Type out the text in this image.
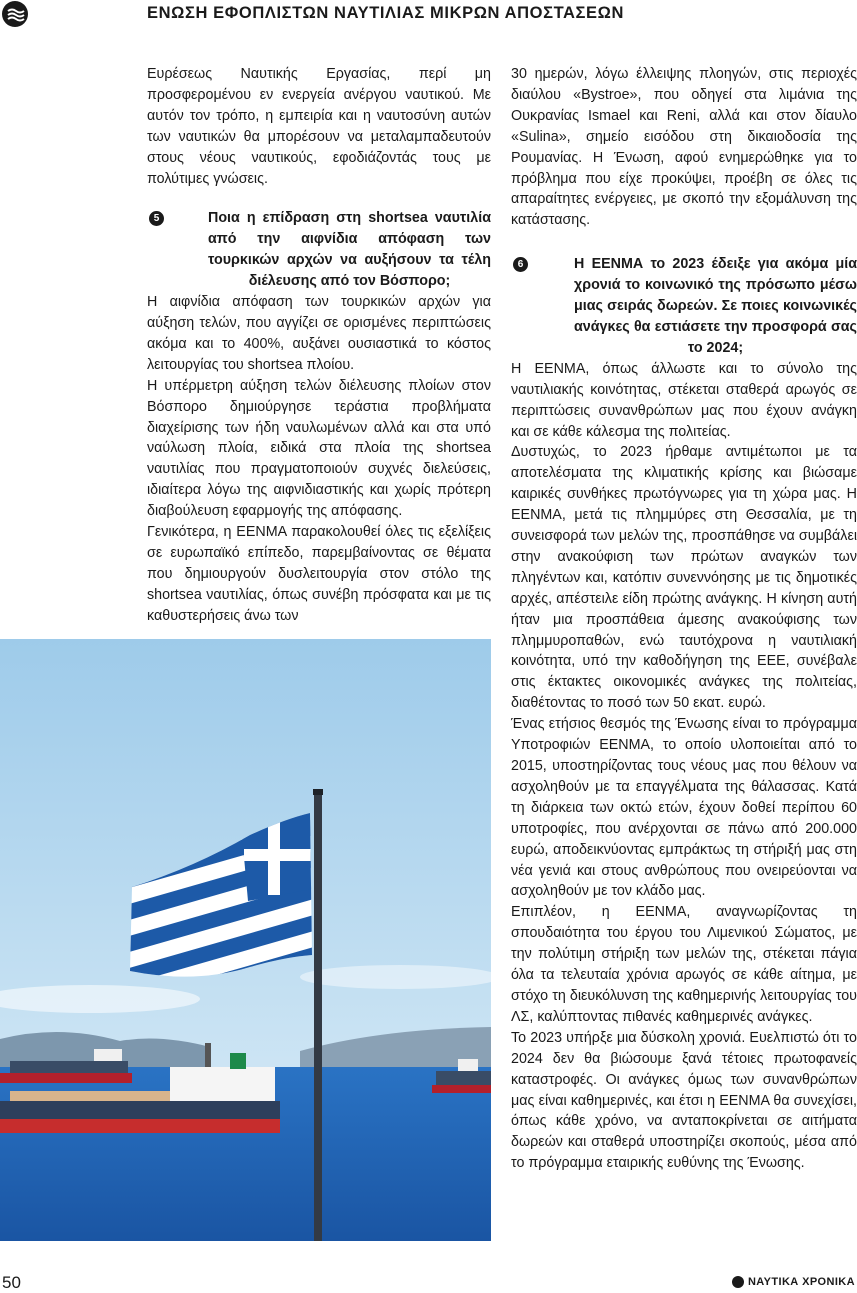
ΕΝΩΣΗ ΕΦΟΠΛΙΣΤΩΝ ΝΑΥΤΙΛΙΑΣ ΜΙΚΡΩΝ ΑΠΟΣΤΑΣΕΩΝ

Ευρέσεως Ναυτικής Εργασίας, περί μη προσφερομένου εν ενεργεία ανέργου ναυτικού. Με αυτόν τον τρόπο, η εμπειρία και η ναυτοσύνη αυτών των ναυτικών θα μπορέσουν να μεταλαμπαδευτούν στους νέους ναυτικούς, εφοδιάζοντάς τους με πολύτιμες γνώσεις.

5	Ποια η επίδραση στη shortsea ναυτιλία από την αιφνίδια απόφαση των τουρκικών αρχών να αυξήσουν τα τέλη διέλευσης από τον Βόσπορο;

Η αιφνίδια απόφαση των τουρκικών αρχών για αύξηση τελών, που αγγίζει σε ορισμένες περιπτώσεις ακόμα και το 400%, αυξάνει ουσιαστικά το κόστος λειτουργίας του shortsea πλοίου.

Η υπέρμετρη αύξηση τελών διέλευσης πλοίων στον Βόσπορο δημιούργησε τεράστια προβλήματα διαχείρισης των ήδη ναυλωμένων αλλά και στα υπό ναύλωση πλοία, ειδικά στα πλοία της shortsea ναυτιλίας που πραγματοποιούν συχνές διελεύσεις, ιδιαίτερα λόγω της αιφνιδιαστικής και χωρίς πρότερη διαβούλευση εφαρμογής της απόφασης.

Γενικότερα, η ΕΕΝΜΑ παρακολουθεί όλες τις εξελίξεις σε ευρωπαϊκό επίπεδο, παρεμβαίνοντας σε θέματα που δημιουργούν δυσλειτουργία στον στόλο της shortsea ναυτιλίας, όπως συνέβη πρόσφατα και με τις καθυστερήσεις άνω των

30 ημερών, λόγω έλλειψης πλοηγών, στις περιοχές διαύλου «Bystroe», που οδηγεί στα λιμάνια της Ουκρανίας Ismael και Reni, αλλά και στον δίαυλο «Sulina», σημείο εισόδου στη δικαιοδοσία της Ρουμανίας. Η Ένωση, αφού ενημερώθηκε για το πρόβλημα που είχε προκύψει, προέβη σε όλες τις απαραίτητες ενέργειες, με σκοπό την εξομάλυνση της κατάστασης.

6	Η ΕΕΝΜΑ το 2023 έδειξε για ακόμα μία χρονιά το κοινωνικό της πρόσωπο μέσω μιας σειράς δωρεών. Σε ποιες κοινωνικές ανάγκες θα εστιάσετε την προσφορά σας το 2024;

Η ΕΕΝΜΑ, όπως άλλωστε και το σύνολο της ναυτιλιακής κοινότητας, στέκεται σταθερά αρωγός σε περιπτώσεις συνανθρώπων μας που έχουν ανάγκη και σε κάθε κάλεσμα της πολιτείας.

Δυστυχώς, το 2023 ήρθαμε αντιμέτωποι με τα αποτελέσματα της κλιματικής κρίσης και βιώσαμε καιρικές συνθήκες πρωτόγνωρες για τη χώρα μας. Η ΕΕΝΜΑ, μετά τις πλημμύρες στη Θεσσαλία, με τη συνεισφορά των μελών της, προσπάθησε να συμβάλει στην ανακούφιση των πρώτων αναγκών των πληγέντων και, κατόπιν συνεννόησης με τις δημοτικές αρχές, απέστειλε είδη πρώτης ανάγκης. Η κίνηση αυτή ήταν μια προσπάθεια άμεσης ανακούφισης των πλημμυροπαθών, ενώ ταυτόχρονα η ναυτιλιακή κοινότητα, υπό την καθοδήγηση της ΕΕΕ, συνέβαλε στις έκτακτες οικονομικές ανάγκες της πολιτείας, διαθέτοντας το ποσό των 50 εκατ. ευρώ.

Ένας ετήσιος θεσμός της Ένωσης είναι το πρόγραμμα Υποτροφιών ΕΕΝΜΑ, το οποίο υλοποιείται από το 2015, υποστηρίζοντας τους νέους μας που θέλουν να ασχοληθούν με τα επαγγέλματα της θάλασσας. Κατά τη διάρκεια των οκτώ ετών, έχουν δοθεί περίπου 60 υποτροφίες, που ανέρχονται σε πάνω από 200.000 ευρώ, αποδεικνύοντας εμπράκτως τη στήριξή μας στη νέα γενιά και στους ανθρώπους που ονειρεύονται να ασχοληθούν με τον κλάδο μας.

Επιπλέον, η ΕΕΝΜΑ, αναγνωρίζοντας τη σπουδαιότητα του έργου του Λιμενικού Σώματος, με την πολύτιμη στήριξη των μελών της, στέκεται πάγια όλα τα τελευταία χρόνια αρωγός σε κάθε αίτημα, με στόχο τη διευκόλυνση της καθημερινής λειτουργίας του ΛΣ, καλύπτοντας πιθανές καθημερινές ανάγκες.

Το 2023 υπήρξε μια δύσκολη χρονιά. Ευελπιστώ ότι το 2024 δεν θα βιώσουμε ξανά τέτοιες πρωτοφανείς καταστροφές. Οι ανάγκες όμως των συνανθρώπων μας είναι καθημερινές, και έτσι η ΕΕΝΜΑ θα συνεχίσει, όπως κάθε χρόνο, να ανταποκρίνεται σε αιτήματα δωρεών και σταθερά υποστηρίζει σκοπούς, μέσα από το πρόγραμμα εταιρικής ευθύνης της Ένωσης.

50	ΝΑΥΤΙΚΑ ΧΡΟΝΙΚΑ
